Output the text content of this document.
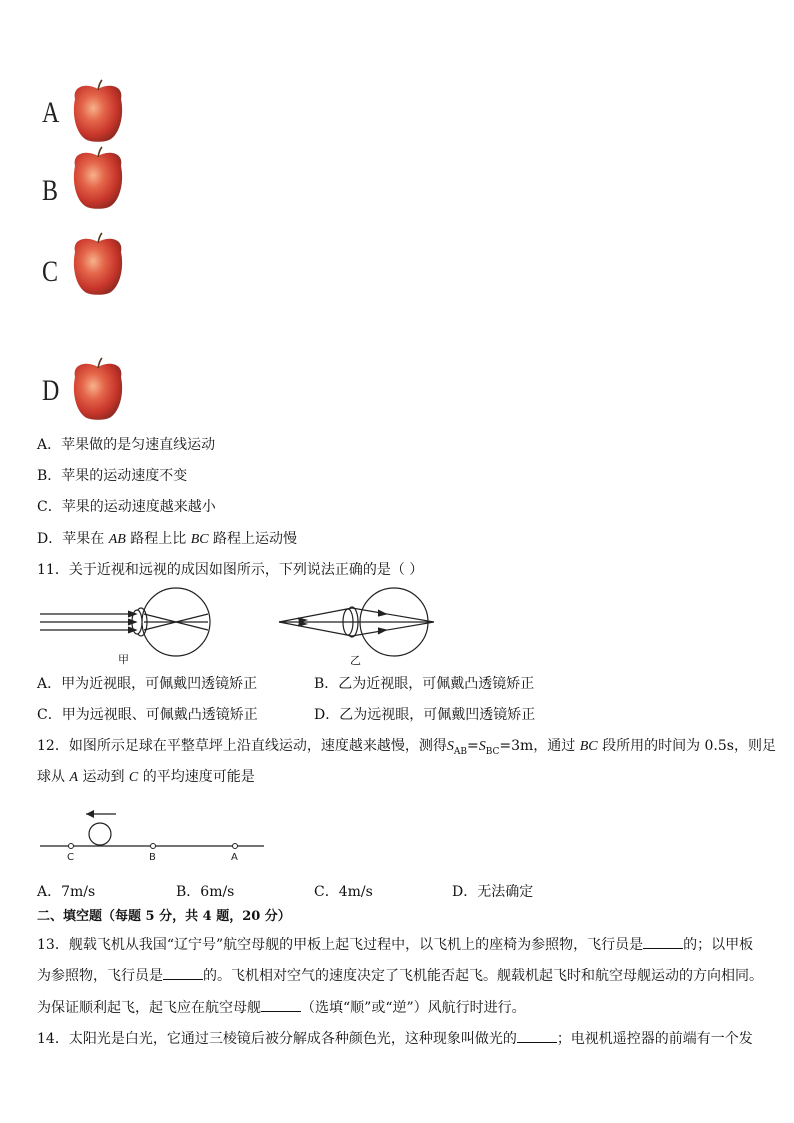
A
B
C
D
A．苹果做的是匀速直线运动
B．苹果的运动速度不变
C．苹果的运动速度越来越小
D．苹果在 AB 路程上比 BC 路程上运动慢
11．关于近视和远视的成因如图所示，下列说法正确的是（ ）
甲	乙
A．甲为近视眼，可佩戴凹透镜矫正	B．乙为近视眼，可佩戴凸透镜矫正
C．甲为远视眼、可佩戴凸透镜矫正	D．乙为远视眼，可佩戴凹透镜矫正
12．如图所示足球在平整草坪上沿直线运动，速度越来越慢，测得$S_{AB}=S_{BC}=3m$，通过 BC 段所用的时间为 0.5s，则足
球从 A 运动到 C 的平均速度可能是
C	B	A
A．7m/s	B．6m/s	C．4m/s	D．无法确定
二、填空题（每题 5 分，共 4 题，20 分）
13．舰载飞机从我国“辽宁号”航空母舰的甲板上起飞过程中，以飞机上的座椅为参照物，飞行员是	的；以甲板
为参照物，飞行员是	的。飞机相对空气的速度决定了飞机能否起飞。舰载机起飞时和航空母舰运动的方向相同。
为保证顺利起飞，起飞应在航空母舰	（选填“顺”或“逆”）风航行时进行。
14．太阳光是白光，它通过三棱镜后被分解成各种颜色光，这种现象叫做光的	；电视机遥控器的前端有一个发
